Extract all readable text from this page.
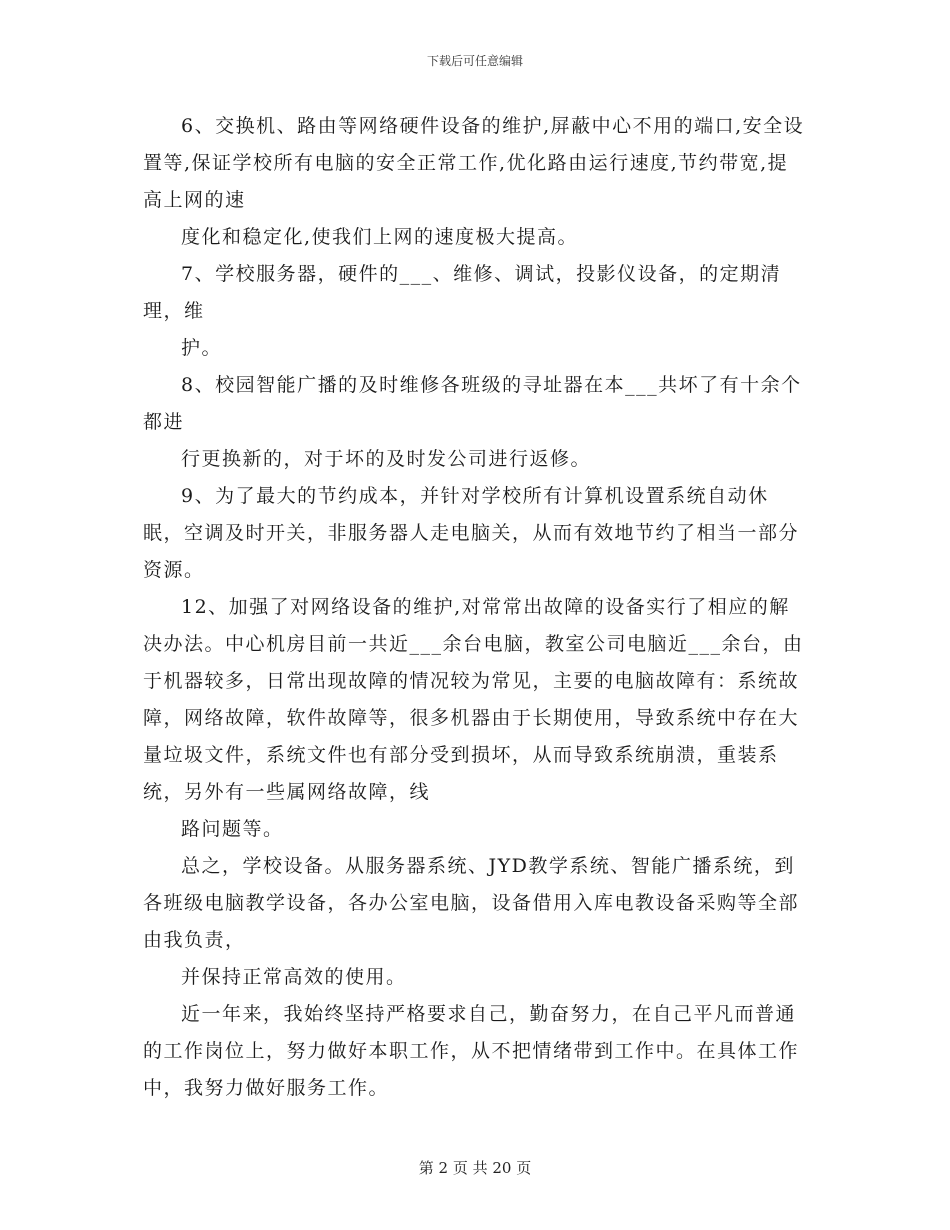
下载后可任意编辑

6、交换机、路由等网络硬件设备的维护,屏蔽中心不用的端口,安全设置等,保证学校所有电脑的安全正常工作,优化路由运行速度,节约带宽,提高上网的速

度化和稳定化,使我们上网的速度极大提高。

7、学校服务器，硬件的___、维修、调试，投影仪设备，的定期清理，维

护。

8、校园智能广播的及时维修各班级的寻址器在本___共坏了有十余个都进

行更换新的，对于坏的及时发公司进行返修。

9、为了最大的节约成本，并针对学校所有计算机设置系统自动休眠，空调及时开关，非服务器人走电脑关，从而有效地节约了相当一部分资源。

12、加强了对网络设备的维护,对常常出故障的设备实行了相应的解决办法。中心机房目前一共近___余台电脑，教室公司电脑近___余台，由于机器较多，日常出现故障的情况较为常见，主要的电脑故障有：系统故障，网络故障，软件故障等，很多机器由于长期使用，导致系统中存在大量垃圾文件，系统文件也有部分受到损坏，从而导致系统崩溃，重装系统，另外有一些属网络故障，线

路问题等。

总之，学校设备。从服务器系统、JYD教学系统、智能广播系统，到各班级电脑教学设备，各办公室电脑，设备借用入库电教设备采购等全部由我负责，

并保持正常高效的使用。

近一年来，我始终坚持严格要求自己，勤奋努力，在自己平凡而普通的工作岗位上，努力做好本职工作，从不把情绪带到工作中。在具体工作中，我努力做好服务工作。

第 2 页 共 20 页
